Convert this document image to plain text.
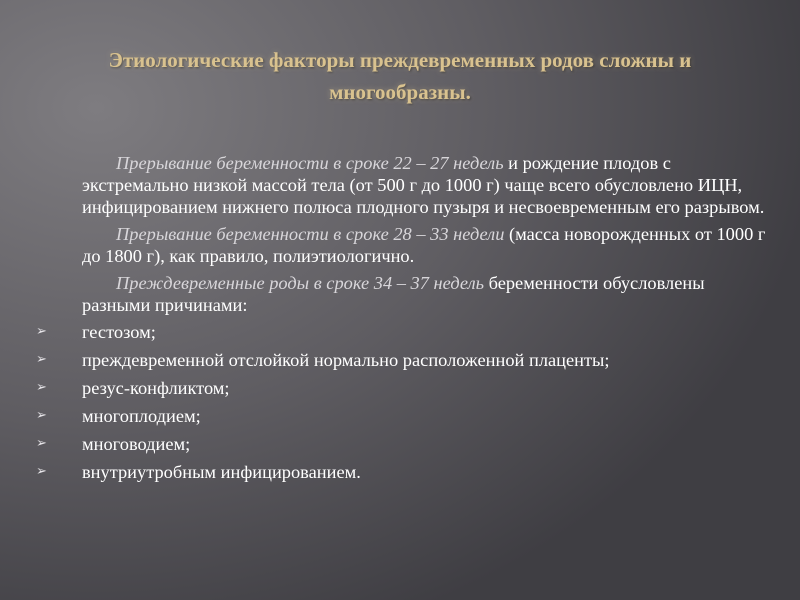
Этиологические факторы преждевременных родов сложны и многообразны.

Прерывание беременности в сроке 22 – 27 недель и рождение плодов с экстремально низкой массой тела (от 500 г до 1000 г) чаще всего обусловлено ИЦН, инфицированием нижнего полюса плодного пузыря и несвоевременным его разрывом.

Прерывание беременности в сроке 28 – 33 недели (масса новорожденных от 1000 г до 1800 г), как правило, полиэтиологично.

Преждевременные роды в сроке 34 – 37 недель беременности обусловлены разными причинами:

➢	гестозом;
➢	преждевременной отслойкой нормально расположенной плаценты;
➢	резус-конфликтом;
➢	многоплодием;
➢	многоводием;
➢	внутриутробным инфицированием.
